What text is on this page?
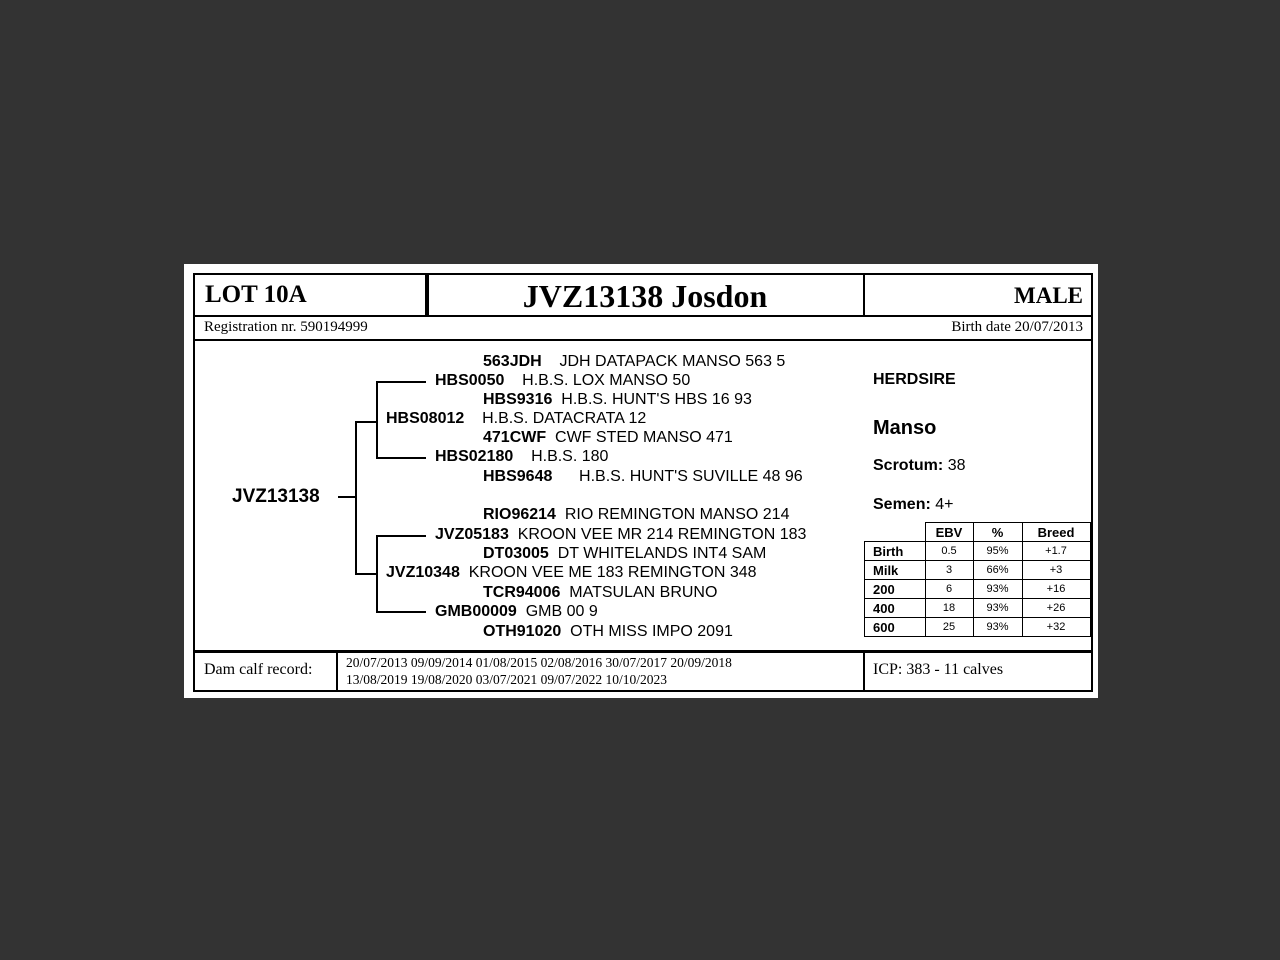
LOT 10A	JVZ13138 Josdon	MALE
Registration nr. 590194999	Birth date 20/07/2013
JVZ13138
563JDH JDH DATAPACK MANSO 563 5
HBS0050 H.B.S. LOX MANSO 50
HBS9316 H.B.S. HUNT'S HBS 16 93
HBS08012 H.B.S. DATACRATA 12
471CWF CWF STED MANSO 471
HBS02180 H.B.S. 180
HBS9648 H.B.S. HUNT'S SUVILLE 48 96
RIO96214 RIO REMINGTON MANSO 214
JVZ05183 KROON VEE MR 214 REMINGTON 183
DT03005 DT WHITELANDS INT4 SAM
JVZ10348 KROON VEE ME 183 REMINGTON 348
TCR94006 MATSULAN BRUNO
GMB00009 GMB 00 9
OTH91020 OTH MISS IMPO 2091
HERDSIRE
Manso
Scrotum: 38
Semen: 4+
	EBV	%	Breed
Birth	0.5	95%	+1.7
Milk	3	66%	+3
200	6	93%	+16
400	18	93%	+26
600	25	93%	+32
Dam calf record: 20/07/2013 09/09/2014 01/08/2015 02/08/2016 30/07/2017 20/09/2018
13/08/2019 19/08/2020 03/07/2021 09/07/2022 10/10/2023
ICP: 383 - 11 calves
